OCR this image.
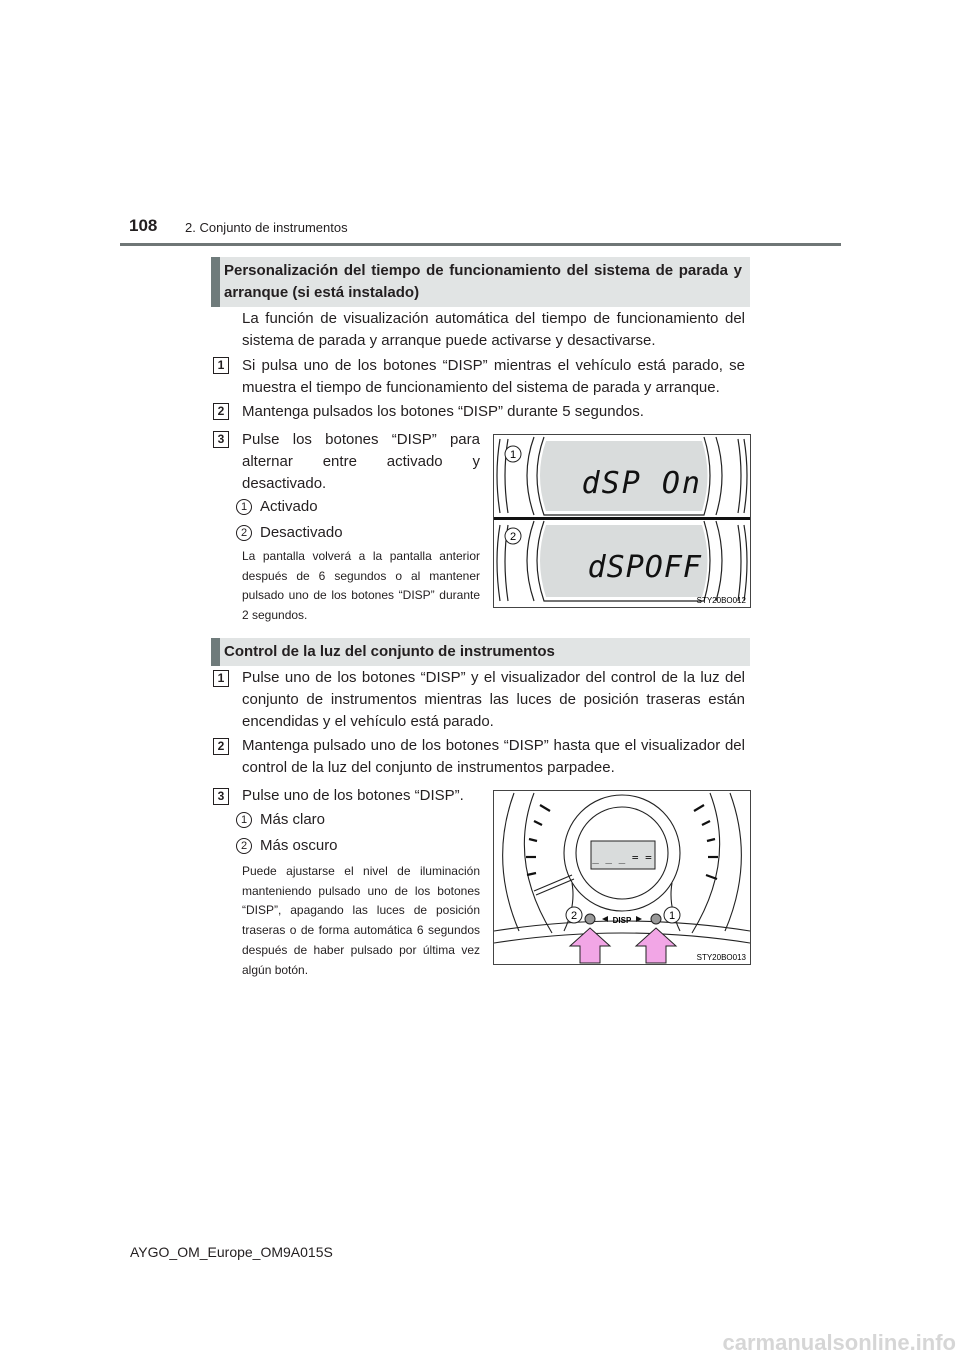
108 2. Conjunto de instrumentos
Personalización del tiempo de funcionamiento del sistema de parada y arranque (si está instalado)
La función de visualización automática del tiempo de funcionamiento del sistema de parada y arranque puede activarse y desactivarse.
1	Si pulsa uno de los botones “DISP” mientras el vehículo está parado, se muestra el tiempo de funcionamiento del sistema de parada y arranque.
2	Mantenga pulsados los botones “DISP” durante 5 segundos.
3	Pulse los botones “DISP” para alternar entre activado y desactivado.
1 Activado
2 Desactivado
La pantalla volverá a la pantalla anterior después de 6 segundos o al mantener pulsado uno de los botones “DISP” durante 2 segundos.
1
2
dSP On
dSPOFF
STY20BO012
Control de la luz del conjunto de instrumentos
1	Pulse uno de los botones “DISP” y el visualizador del control de la luz del conjunto de instrumentos mientras las luces de posición traseras están encendidas y el vehículo está parado.
2	Mantenga pulsado uno de los botones “DISP” hasta que el visualizador del control de la luz del conjunto de instrumentos parpadee.
3	Pulse uno de los botones “DISP”.
1 Más claro
2 Más oscuro
Puede ajustarse el nivel de iluminación manteniendo pulsado uno de los botones “DISP”, apagando las luces de posición traseras o de forma automática 6 segundos después de haber pulsado por última vez algún botón.
_ _ _ = =
DISP
2	1
STY20BO013
AYGO_OM_Europe_OM9A015S
carmanualsonline.info
